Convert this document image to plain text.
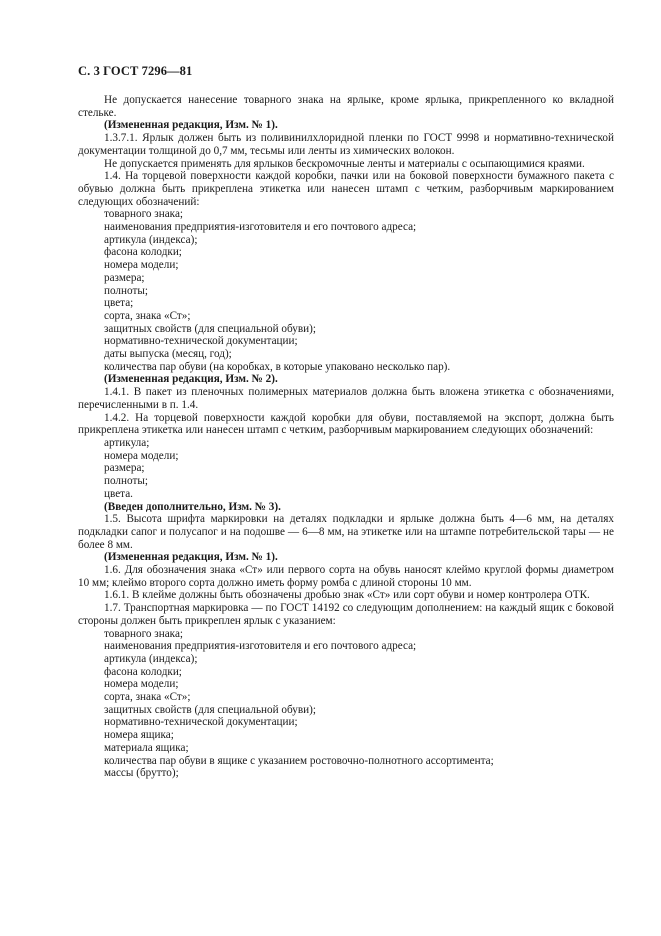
С. 3 ГОСТ 7296—81

Не допускается нанесение товарного знака на ярлыке, кроме ярлыка, прикрепленного ко вкладной стельке.

(Измененная редакция, Изм. № 1).

1.3.7.1. Ярлык должен быть из поливинилхлоридной пленки по ГОСТ 9998 и нормативно-технической документации толщиной до 0,7 мм, тесьмы или ленты из химических волокон.

Не допускается применять для ярлыков бескромочные ленты и материалы с осыпающимися краями.

1.4. На торцевой поверхности каждой коробки, пачки или на боковой поверхности бумажного пакета с обувью должна быть прикреплена этикетка или нанесен штамп с четким, разборчивым маркированием следующих обозначений:

товарного знака;

наименования предприятия-изготовителя и его почтового адреса;

артикула (индекса);

фасона колодки;

номера модели;

размера;

полноты;

цвета;

сорта, знака «Ст»;

защитных свойств (для специальной обуви);

нормативно-технической документации;

даты выпуска (месяц, год);

количества пар обуви (на коробках, в которые упаковано несколько пар).

(Измененная редакция, Изм. № 2).

1.4.1. В пакет из пленочных полимерных материалов должна быть вложена этикетка с обозначениями, перечисленными в п. 1.4.

1.4.2. На торцевой поверхности каждой коробки для обуви, поставляемой на экспорт, должна быть прикреплена этикетка или нанесен штамп с четким, разборчивым маркированием следующих обозначений:

артикула;

номера модели;

размера;

полноты;

цвета.

(Введен дополнительно, Изм. № 3).

1.5. Высота шрифта маркировки на деталях подкладки и ярлыке должна быть 4—6 мм, на деталях подкладки сапог и полусапог и на подошве — 6—8 мм, на этикетке или на штампе потребительской тары — не более 8 мм.

(Измененная редакция, Изм. № 1).

1.6. Для обозначения знака «Ст» или первого сорта на обувь наносят клеймо круглой формы диаметром 10 мм; клеймо второго сорта должно иметь форму ромба с длиной стороны 10 мм.

1.6.1. В клейме должны быть обозначены дробью знак «Ст» или сорт обуви и номер контролера ОТК.

1.7. Транспортная маркировка — по ГОСТ 14192 со следующим дополнением: на каждый ящик с боковой стороны должен быть прикреплен ярлык с указанием:

товарного знака;

наименования предприятия-изготовителя и его почтового адреса;

артикула (индекса);

фасона колодки;

номера модели;

сорта, знака «Ст»;

защитных свойств (для специальной обуви);

нормативно-технической документации;

номера ящика;

материала ящика;

количества пар обуви в ящике с указанием ростовочно-полнотного ассортимента;

массы (брутто);
